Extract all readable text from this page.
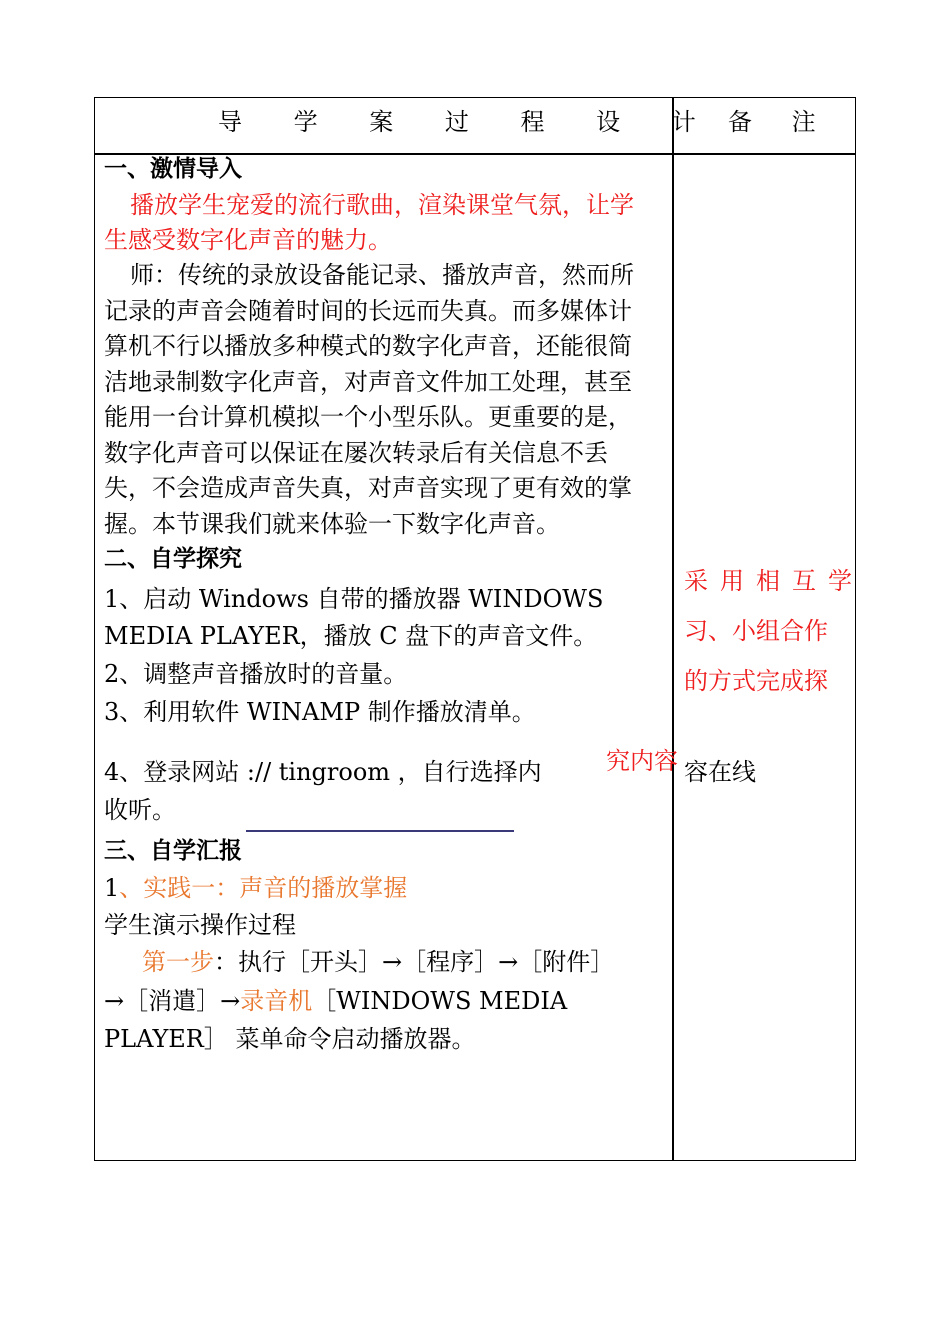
导 学 案 过 程 设 计 备 注
一、激情导入
播放学生宠爱的流行歌曲，渲染课堂气氛，让学
生感受数字化声音的魅力。
师：传统的录放设备能记录、播放声音，然而所
记录的声音会随着时间的长远而失真。而多媒体计
算机不行以播放多种模式的数字化声音，还能很简
洁地录制数字化声音，对声音文件加工处理，甚至
能用一台计算机模拟一个小型乐队。更重要的是，
数字化声音可以保证在屡次转录后有关信息不丢
失，不会造成声音失真，对声音实现了更有效的掌
握。本节课我们就来体验一下数字化声音。
二、自学探究
1、启动 Windows 自带的播放器 WINDOWS
MEDIA PLAYER，播放 C 盘下的声音文件。
2、调整声音播放时的音量。
3、利用软件 WINAMP 制作播放清单。
4、登录网站 :// tingroom ，自行选择内
收听。
三、自学汇报
1、实践一：声音的播放掌握
学生演示操作过程
第一步：执行［开头］→［程序］→［附件］
→［消遣］→录音机［WINDOWS MEDIA
PLAYER］ 菜单命令启动播放器。
采用相互学
习、小组合作
的方式完成探
究内容 容在线
